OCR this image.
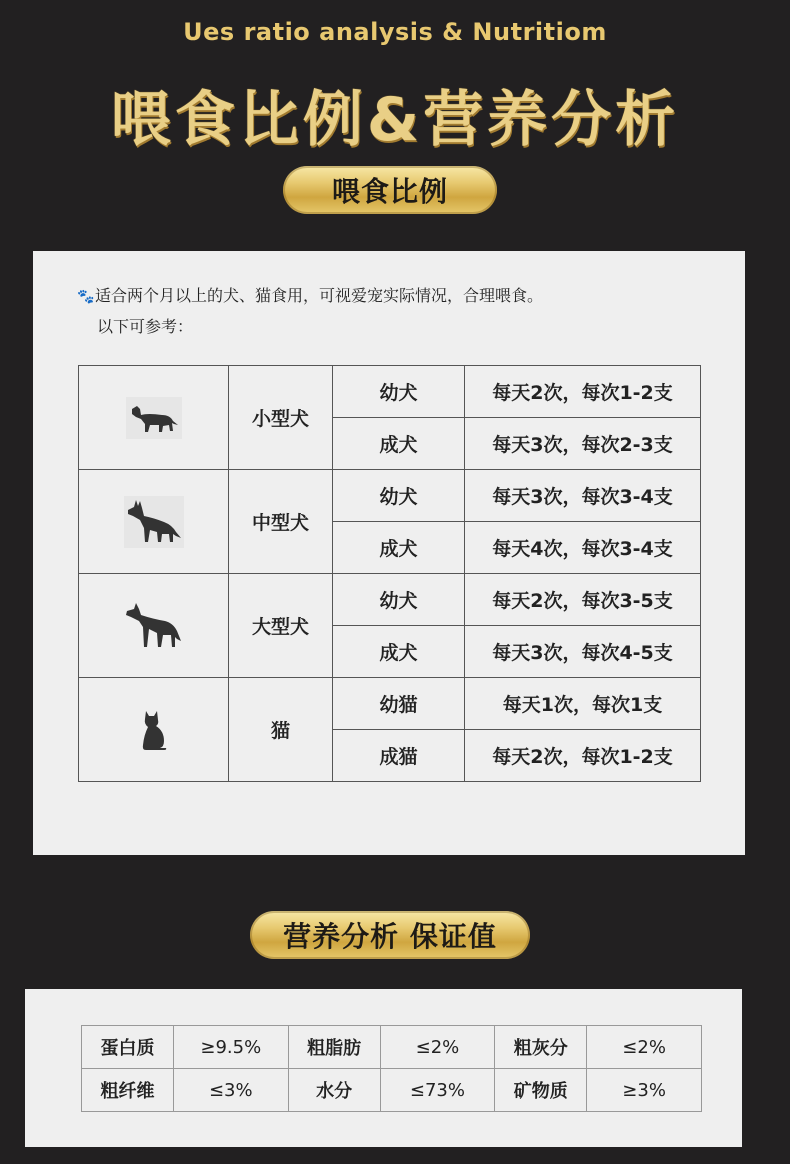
Ues ratio analysis & Nutritiom
喂食比例&营养分析
喂食比例
🐾适合两个月以上的犬、猫食用，可视爱宠实际情况，合理喂食。
以下可参考：
	小型犬	幼犬	每天2次，每次1-2支
		成犬	每天3次，每次2-3支

	中型犬	幼犬	每天3次，每次3-4支
		成犬	每天4次，每次3-4支

	大型犬	幼犬	每天2次，每次3-5支
		成犬	每天3次，每次4-5支

	猫	幼猫	每天1次，每次1支
		成猫	每天2次，每次1-2支
营养分析 保证值
蛋白质	≥9.5%	粗脂肪	≤2%	粗灰分	≤2%
粗纤维	≤3%	水分	≤73%	矿物质	≥3%
